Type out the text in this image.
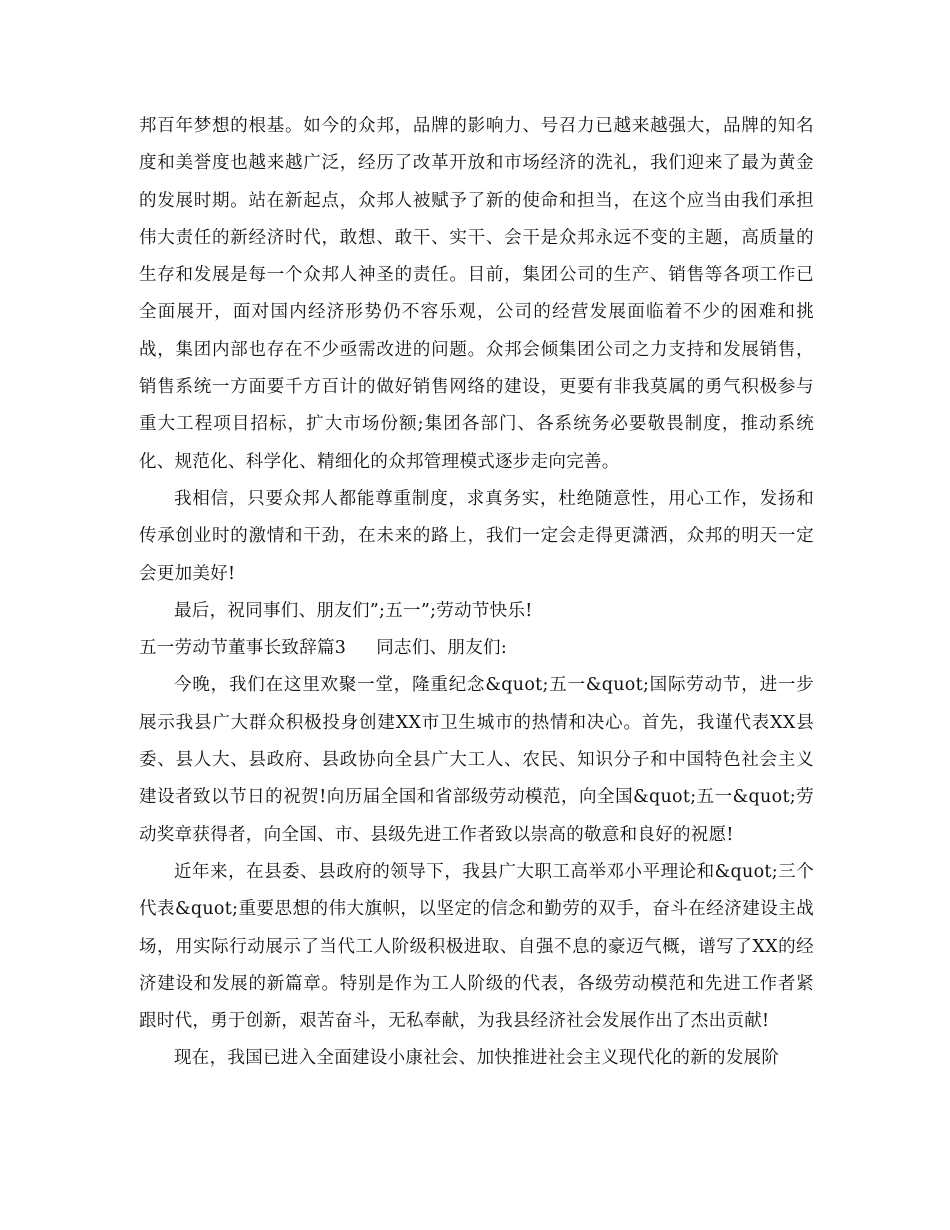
邦百年梦想的根基。如今的众邦，品牌的影响力、号召力已越来越强大，品牌的知名度和美誉度也越来越广泛，经历了改革开放和市场经济的洗礼，我们迎来了最为黄金的发展时期。站在新起点，众邦人被赋予了新的使命和担当，在这个应当由我们承担伟大责任的新经济时代，敢想、敢干、实干、会干是众邦永远不变的主题，高质量的生存和发展是每一个众邦人神圣的责任。目前，集团公司的生产、销售等各项工作已全面展开，面对国内经济形势仍不容乐观，公司的经营发展面临着不少的困难和挑战，集团内部也存在不少亟需改进的问题。众邦会倾集团公司之力支持和发展销售，销售系统一方面要千方百计的做好销售网络的建设，更要有非我莫属的勇气积极参与重大工程项目招标，扩大市场份额;集团各部门、各系统务必要敬畏制度，推动系统化、规范化、科学化、精细化的众邦管理模式逐步走向完善。

我相信，只要众邦人都能尊重制度，求真务实，杜绝随意性，用心工作，发扬和传承创业时的激情和干劲，在未来的路上，我们一定会走得更潇洒，众邦的明天一定会更加美好!

最后，祝同事们、朋友们”;五一”;劳动节快乐!

五一劳动节董事长致辞篇3 同志们、朋友们:

今晚，我们在这里欢聚一堂，隆重纪念&quot;五一&quot;国际劳动节，进一步展示我县广大群众积极投身创建XX市卫生城市的热情和决心。首先，我谨代表XX县委、县人大、县政府、县政协向全县广大工人、农民、知识分子和中国特色社会主义建设者致以节日的祝贺!向历届全国和省部级劳动模范，向全国&quot;五一&quot;劳动奖章获得者，向全国、市、县级先进工作者致以崇高的敬意和良好的祝愿!

近年来，在县委、县政府的领导下，我县广大职工高举邓小平理论和&quot;三个代表&quot;重要思想的伟大旗帜，以坚定的信念和勤劳的双手，奋斗在经济建设主战场，用实际行动展示了当代工人阶级积极进取、自强不息的豪迈气概，谱写了XX的经济建设和发展的新篇章。特别是作为工人阶级的代表，各级劳动模范和先进工作者紧跟时代，勇于创新，艰苦奋斗，无私奉献，为我县经济社会发展作出了杰出贡献!

现在，我国已进入全面建设小康社会、加快推进社会主义现代化的新的发展阶
